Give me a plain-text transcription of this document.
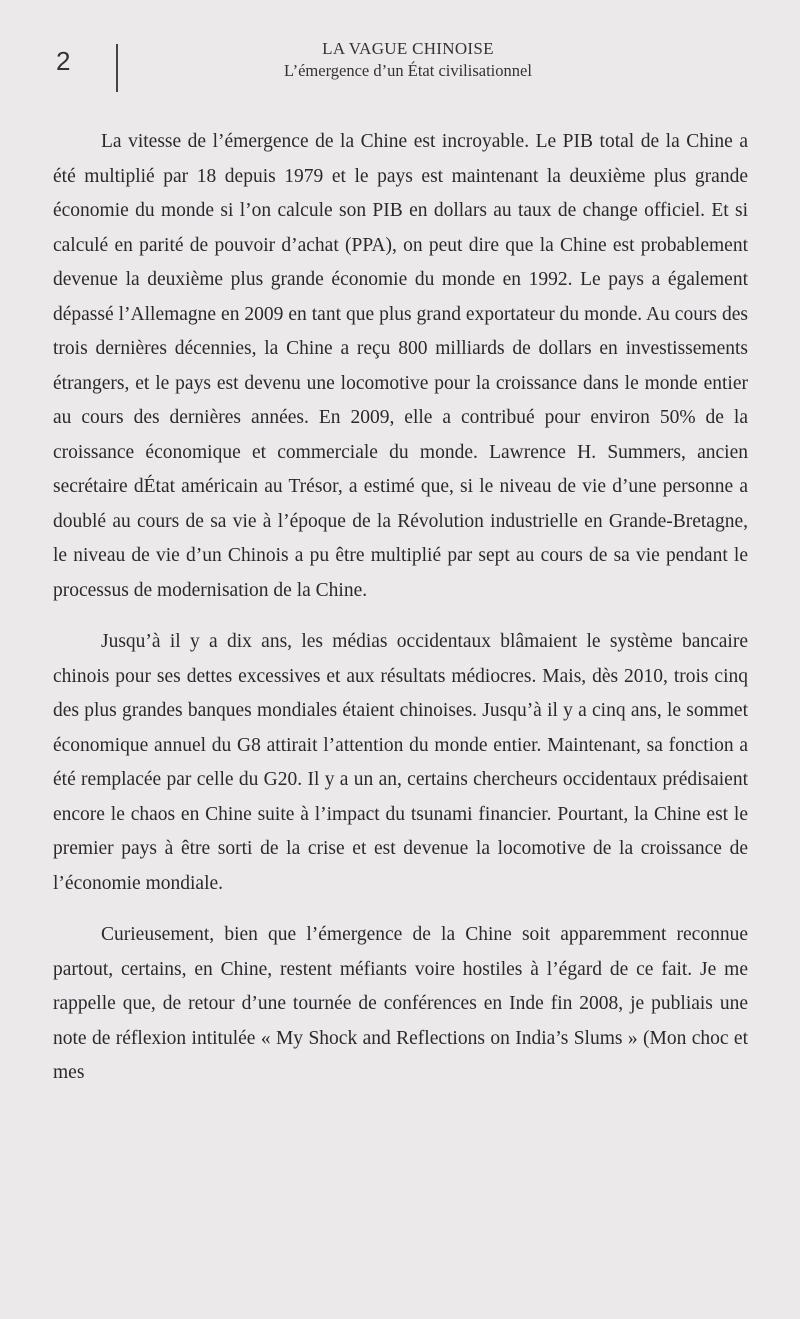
2	LA VAGUE CHINOISE
L’émergence d’un État civilisationnel

La vitesse de l’émergence de la Chine est incroyable. Le PIB total de la Chine a été multiplié par 18 depuis 1979 et le pays est maintenant la deuxième plus grande économie du monde si l’on calcule son PIB en dollars au taux de change officiel. Et si calculé en parité de pouvoir d’achat (PPA), on peut dire que la Chine est probablement devenue la deuxième plus grande économie du monde en 1992. Le pays a également dépassé l’Allemagne en 2009 en tant que plus grand exportateur du monde. Au cours des trois dernières décennies, la Chine a reçu 800 milliards de dollars en investissements étrangers, et le pays est devenu une locomotive pour la croissance dans le monde entier au cours des dernières années. En 2009, elle a contribué pour environ 50% de la croissance économique et commerciale du monde. Lawrence H. Summers, ancien secrétaire dÉtat américain au Trésor, a estimé que, si le niveau de vie d’une personne a doublé au cours de sa vie à l’époque de la Révolution industrielle en Grande-Bretagne, le niveau de vie d’un Chinois a pu être multiplié par sept au cours de sa vie pendant le processus de modernisation de la Chine.

Jusqu’à il y a dix ans, les médias occidentaux blâmaient le système bancaire chinois pour ses dettes excessives et aux résultats médiocres. Mais, dès 2010, trois cinq des plus grandes banques mondiales étaient chinoises. Jusqu’à il y a cinq ans, le sommet économique annuel du G8 attirait l’attention du monde entier. Maintenant, sa fonction a été remplacée par celle du G20. Il y a un an, certains chercheurs occidentaux prédisaient encore le chaos en Chine suite à l’impact du tsunami financier. Pourtant, la Chine est le premier pays à être sorti de la crise et est devenue la locomotive de la croissance de l’économie mondiale.

Curieusement, bien que l’émergence de la Chine soit apparemment reconnue partout, certains, en Chine, restent méfiants voire hostiles à l’égard de ce fait. Je me rappelle que, de retour d’une tournée de conférences en Inde fin 2008, je publiais une note de réflexion intitulée « My Shock and Reflections on India’s Slums » (Mon choc et mes
